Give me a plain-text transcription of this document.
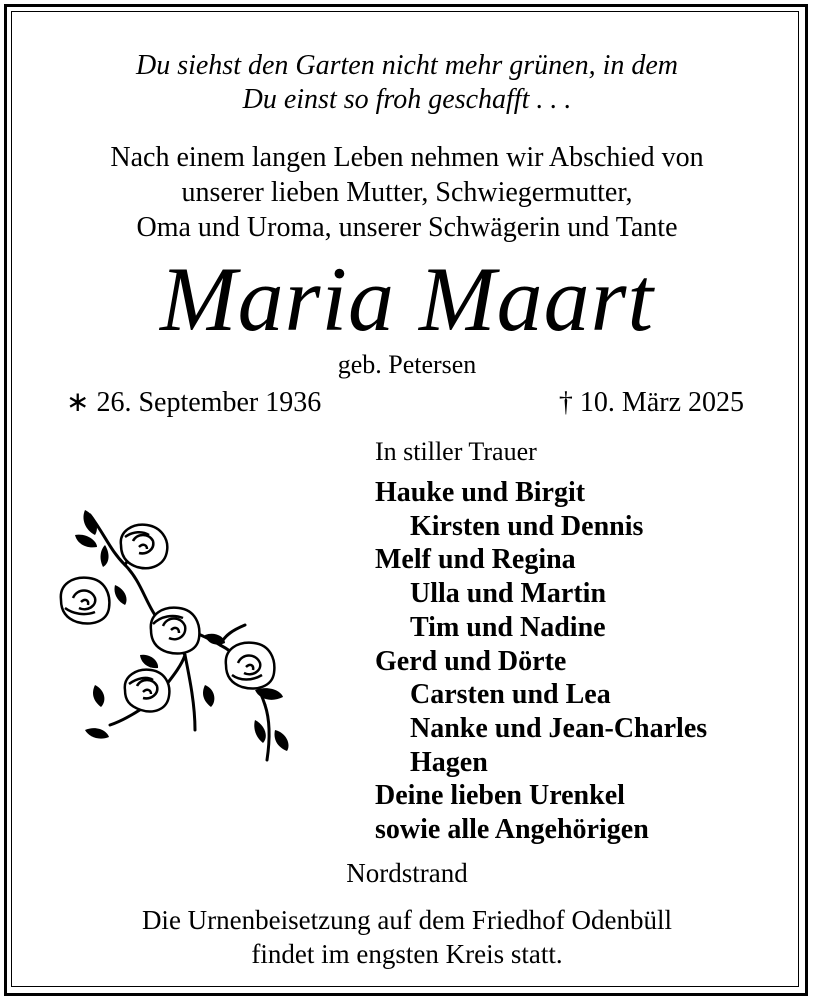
Du siehst den Garten nicht mehr grünen, in dem
Du einst so froh geschafft . . .
Nach einem langen Leben nehmen wir Abschied von
unserer lieben Mutter, Schwiegermutter,
Oma und Uroma, unserer Schwägerin und Tante
Maria Maart
geb. Petersen
∗ 26. September 1936	† 10. März 2025
In stiller Trauer
Hauke und Birgit
Kirsten und Dennis
Melf und Regina
Ulla und Martin
Tim und Nadine
Gerd und Dörte
Carsten und Lea
Nanke und Jean-Charles
Hagen
Deine lieben Urenkel
sowie alle Angehörigen
Nordstrand
Die Urnenbeisetzung auf dem Friedhof Odenbüll
findet im engsten Kreis statt.
